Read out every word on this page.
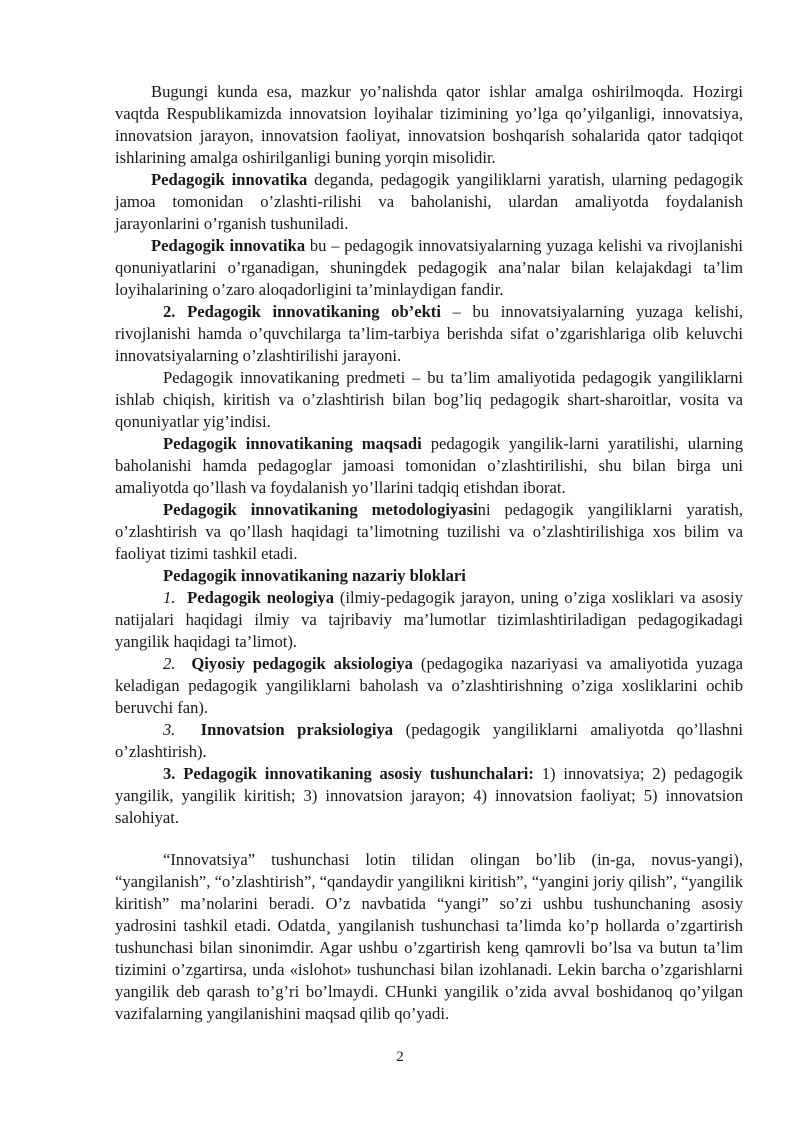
Bugungi kunda esa, mazkur yo’nalishda qator ishlar amalga oshirilmoqda. Hozirgi vaqtda Respublikamizda innovatsion loyihalar tizimining yo’lga qo’yilganligi, innovatsiya, innovatsion jarayon, innovatsion faoliyat, innovatsion boshqarish sohalarida qator tadqiqot ishlarining amalga oshirilganligi buning yorqin misolidir.

Pedagogik innovatika deganda, pedagogik yangiliklarni yaratish, ularning pedagogik jamoa tomonidan o’zlashti-rilishi va baholanishi, ulardan amaliyotda foydalanish jarayonlarini o’rganish tushuniladi.

Pedagogik innovatika bu – pedagogik innovatsiyalarning yuzaga kelishi va rivojlanishi qonuniyatlarini o’rganadigan, shuningdek pedagogik ana’nalar bilan kelajakdagi ta’lim loyihalarining o’zaro aloqadorligini ta’minlaydigan fandir.

2. Pedagogik innovatikaning ob’ekti – bu innovatsiyalarning yuzaga kelishi, rivojlanishi hamda o’quvchilarga ta’lim-tarbiya berishda sifat o’zgarishlariga olib keluvchi innovatsiyalarning o’zlashtirilishi jarayoni.

Pedagogik innovatikaning predmeti – bu ta’lim amaliyotida pedagogik yangiliklarni ishlab chiqish, kiritish va o’zlashtirish bilan bog’liq pedagogik shart-sharoitlar, vosita va qonuniyatlar yig’indisi.

Pedagogik innovatikaning maqsadi pedagogik yangilik-larni yaratilishi, ularning baholanishi hamda pedagoglar jamoasi tomonidan o’zlashtirilishi, shu bilan birga uni amaliyotda qo’llash va foydalanish yo’llarini tadqiq etishdan iborat.

Pedagogik innovatikaning metodologiyasini pedagogik yangiliklarni yaratish, o’zlashtirish va qo’llash haqidagi ta’limotning tuzilishi va o’zlashtirilishiga xos bilim va faoliyat tizimi tashkil etadi.

Pedagogik innovatikaning nazariy bloklari

1. Pedagogik neologiya (ilmiy-pedagogik jarayon, uning o’ziga xosliklari va asosiy natijalari haqidagi ilmiy va tajribaviy ma’lumotlar tizimlashtiriladigan pedagogikadagi yangilik haqidagi ta’limot).

2. Qiyosiy pedagogik aksiologiya (pedagogika nazariyasi va amaliyotida yuzaga keladigan pedagogik yangiliklarni baholash va o’zlashtirishning o’ziga xosliklarini ochib beruvchi fan).

3. Innovatsion praksiologiya (pedagogik yangiliklarni amaliyotda qo’llashni o’zlashtirish).

3. Pedagogik innovatikaning asosiy tushunchalari: 1) innovatsiya; 2) pedagogik yangilik, yangilik kiritish; 3) innovatsion jarayon; 4) innovatsion faoliyat; 5) innovatsion salohiyat.

“Innovatsiya” tushunchasi lotin tilidan olingan bo’lib (in-ga, novus-yangi), “yangilanish”, “o’zlashtirish”, “qandaydir yangilikni kiritish”, “yangini joriy qilish”, “yangilik kiritish” ma’nolarini beradi. O’z navbatida “yangi” so’zi ushbu tushunchaning asosiy yadrosini tashkil etadi. Odatda¸ yangilanish tushunchasi ta’limda ko’p hollarda o’zgartirish tushunchasi bilan sinonimdir. Agar ushbu o’zgartirish keng qamrovli bo’lsa va butun ta’lim tizimini o’zgartirsa, unda «islohot» tushunchasi bilan izohlanadi. Lekin barcha o’zgarishlarni yangilik deb qarash to’g’ri bo’lmaydi. CHunki yangilik o’zida avval boshidanoq qo’yilgan vazifalarning yangilanishini maqsad qilib qo’yadi.

2
